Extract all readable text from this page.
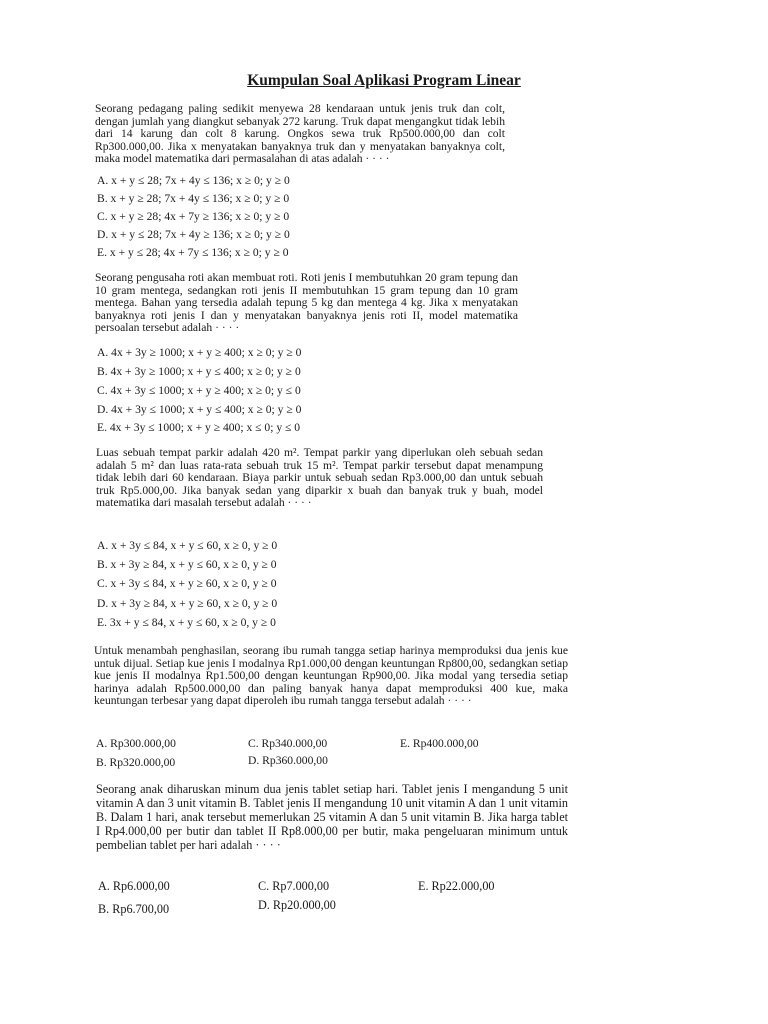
Kumpulan Soal Aplikasi Program Linear

Seorang pedagang paling sedikit menyewa 28 kendaraan untuk jenis truk dan colt, dengan jumlah yang diangkut sebanyak 272 karung. Truk dapat mengangkut tidak lebih dari 14 karung dan colt 8 karung. Ongkos sewa truk Rp500.000,00 dan colt Rp300.000,00. Jika x menyatakan banyaknya truk dan y menyatakan banyaknya colt, maka model matematika dari permasalahan di atas adalah · · · ·

A. x + y ≤ 28; 7x + 4y ≤ 136; x ≥ 0; y ≥ 0
B. x + y ≥ 28; 7x + 4y ≤ 136; x ≥ 0; y ≥ 0
C. x + y ≥ 28; 4x + 7y ≥ 136; x ≥ 0; y ≥ 0
D. x + y ≤ 28; 7x + 4y ≥ 136; x ≥ 0; y ≥ 0
E. x + y ≤ 28; 4x + 7y ≤ 136; x ≥ 0; y ≥ 0

Seorang pengusaha roti akan membuat roti. Roti jenis I membutuhkan 20 gram tepung dan 10 gram mentega, sedangkan roti jenis II membutuhkan 15 gram tepung dan 10 gram mentega. Bahan yang tersedia adalah tepung 5 kg dan mentega 4 kg. Jika x menyatakan banyaknya roti jenis I dan y menyatakan banyaknya jenis roti II, model matematika persoalan tersebut adalah · · · ·

A. 4x + 3y ≥ 1000; x + y ≥ 400; x ≥ 0; y ≥ 0
B. 4x + 3y ≥ 1000; x + y ≤ 400; x ≥ 0; y ≥ 0
C. 4x + 3y ≤ 1000; x + y ≥ 400; x ≥ 0; y ≤ 0
D. 4x + 3y ≤ 1000; x + y ≤ 400; x ≥ 0; y ≥ 0
E. 4x + 3y ≤ 1000; x + y ≥ 400; x ≤ 0; y ≤ 0

Luas sebuah tempat parkir adalah 420 m². Tempat parkir yang diperlukan oleh sebuah sedan adalah 5 m² dan luas rata-rata sebuah truk 15 m². Tempat parkir tersebut dapat menampung tidak lebih dari 60 kendaraan. Biaya parkir untuk sebuah sedan Rp3.000,00 dan untuk sebuah truk Rp5.000,00. Jika banyak sedan yang diparkir x buah dan banyak truk y buah, model matematika dari masalah tersebut adalah · · · ·

A. x + 3y ≤ 84, x + y ≤ 60, x ≥ 0, y ≥ 0
B. x + 3y ≥ 84, x + y ≤ 60, x ≥ 0, y ≥ 0
C. x + 3y ≤ 84, x + y ≥ 60, x ≥ 0, y ≥ 0
D. x + 3y ≥ 84, x + y ≥ 60, x ≥ 0, y ≥ 0
E. 3x + y ≤ 84, x + y ≤ 60, x ≥ 0, y ≥ 0

Untuk menambah penghasilan, seorang ibu rumah tangga setiap harinya memproduksi dua jenis kue untuk dijual. Setiap kue jenis I modalnya Rp1.000,00 dengan keuntungan Rp800,00, sedangkan setiap kue jenis II modalnya Rp1.500,00 dengan keuntungan Rp900,00. Jika modal yang tersedia setiap harinya adalah Rp500.000,00 dan paling banyak hanya dapat memproduksi 400 kue, maka keuntungan terbesar yang dapat diperoleh ibu rumah tangga tersebut adalah · · · ·

A. Rp300.000,00
B. Rp320.000,00
C. Rp340.000,00
D. Rp360.000,00
E. Rp400.000,00

Seorang anak diharuskan minum dua jenis tablet setiap hari. Tablet jenis I mengandung 5 unit vitamin A dan 3 unit vitamin B. Tablet jenis II mengandung 10 unit vitamin A dan 1 unit vitamin B. Dalam 1 hari, anak tersebut memerlukan 25 vitamin A dan 5 unit vitamin B. Jika harga tablet I Rp4.000,00 per butir dan tablet II Rp8.000,00 per butir, maka pengeluaran minimum untuk pembelian tablet per hari adalah · · · ·

A. Rp6.000,00
B. Rp6.700,00
C. Rp7.000,00
D. Rp20.000,00
E. Rp22.000,00
